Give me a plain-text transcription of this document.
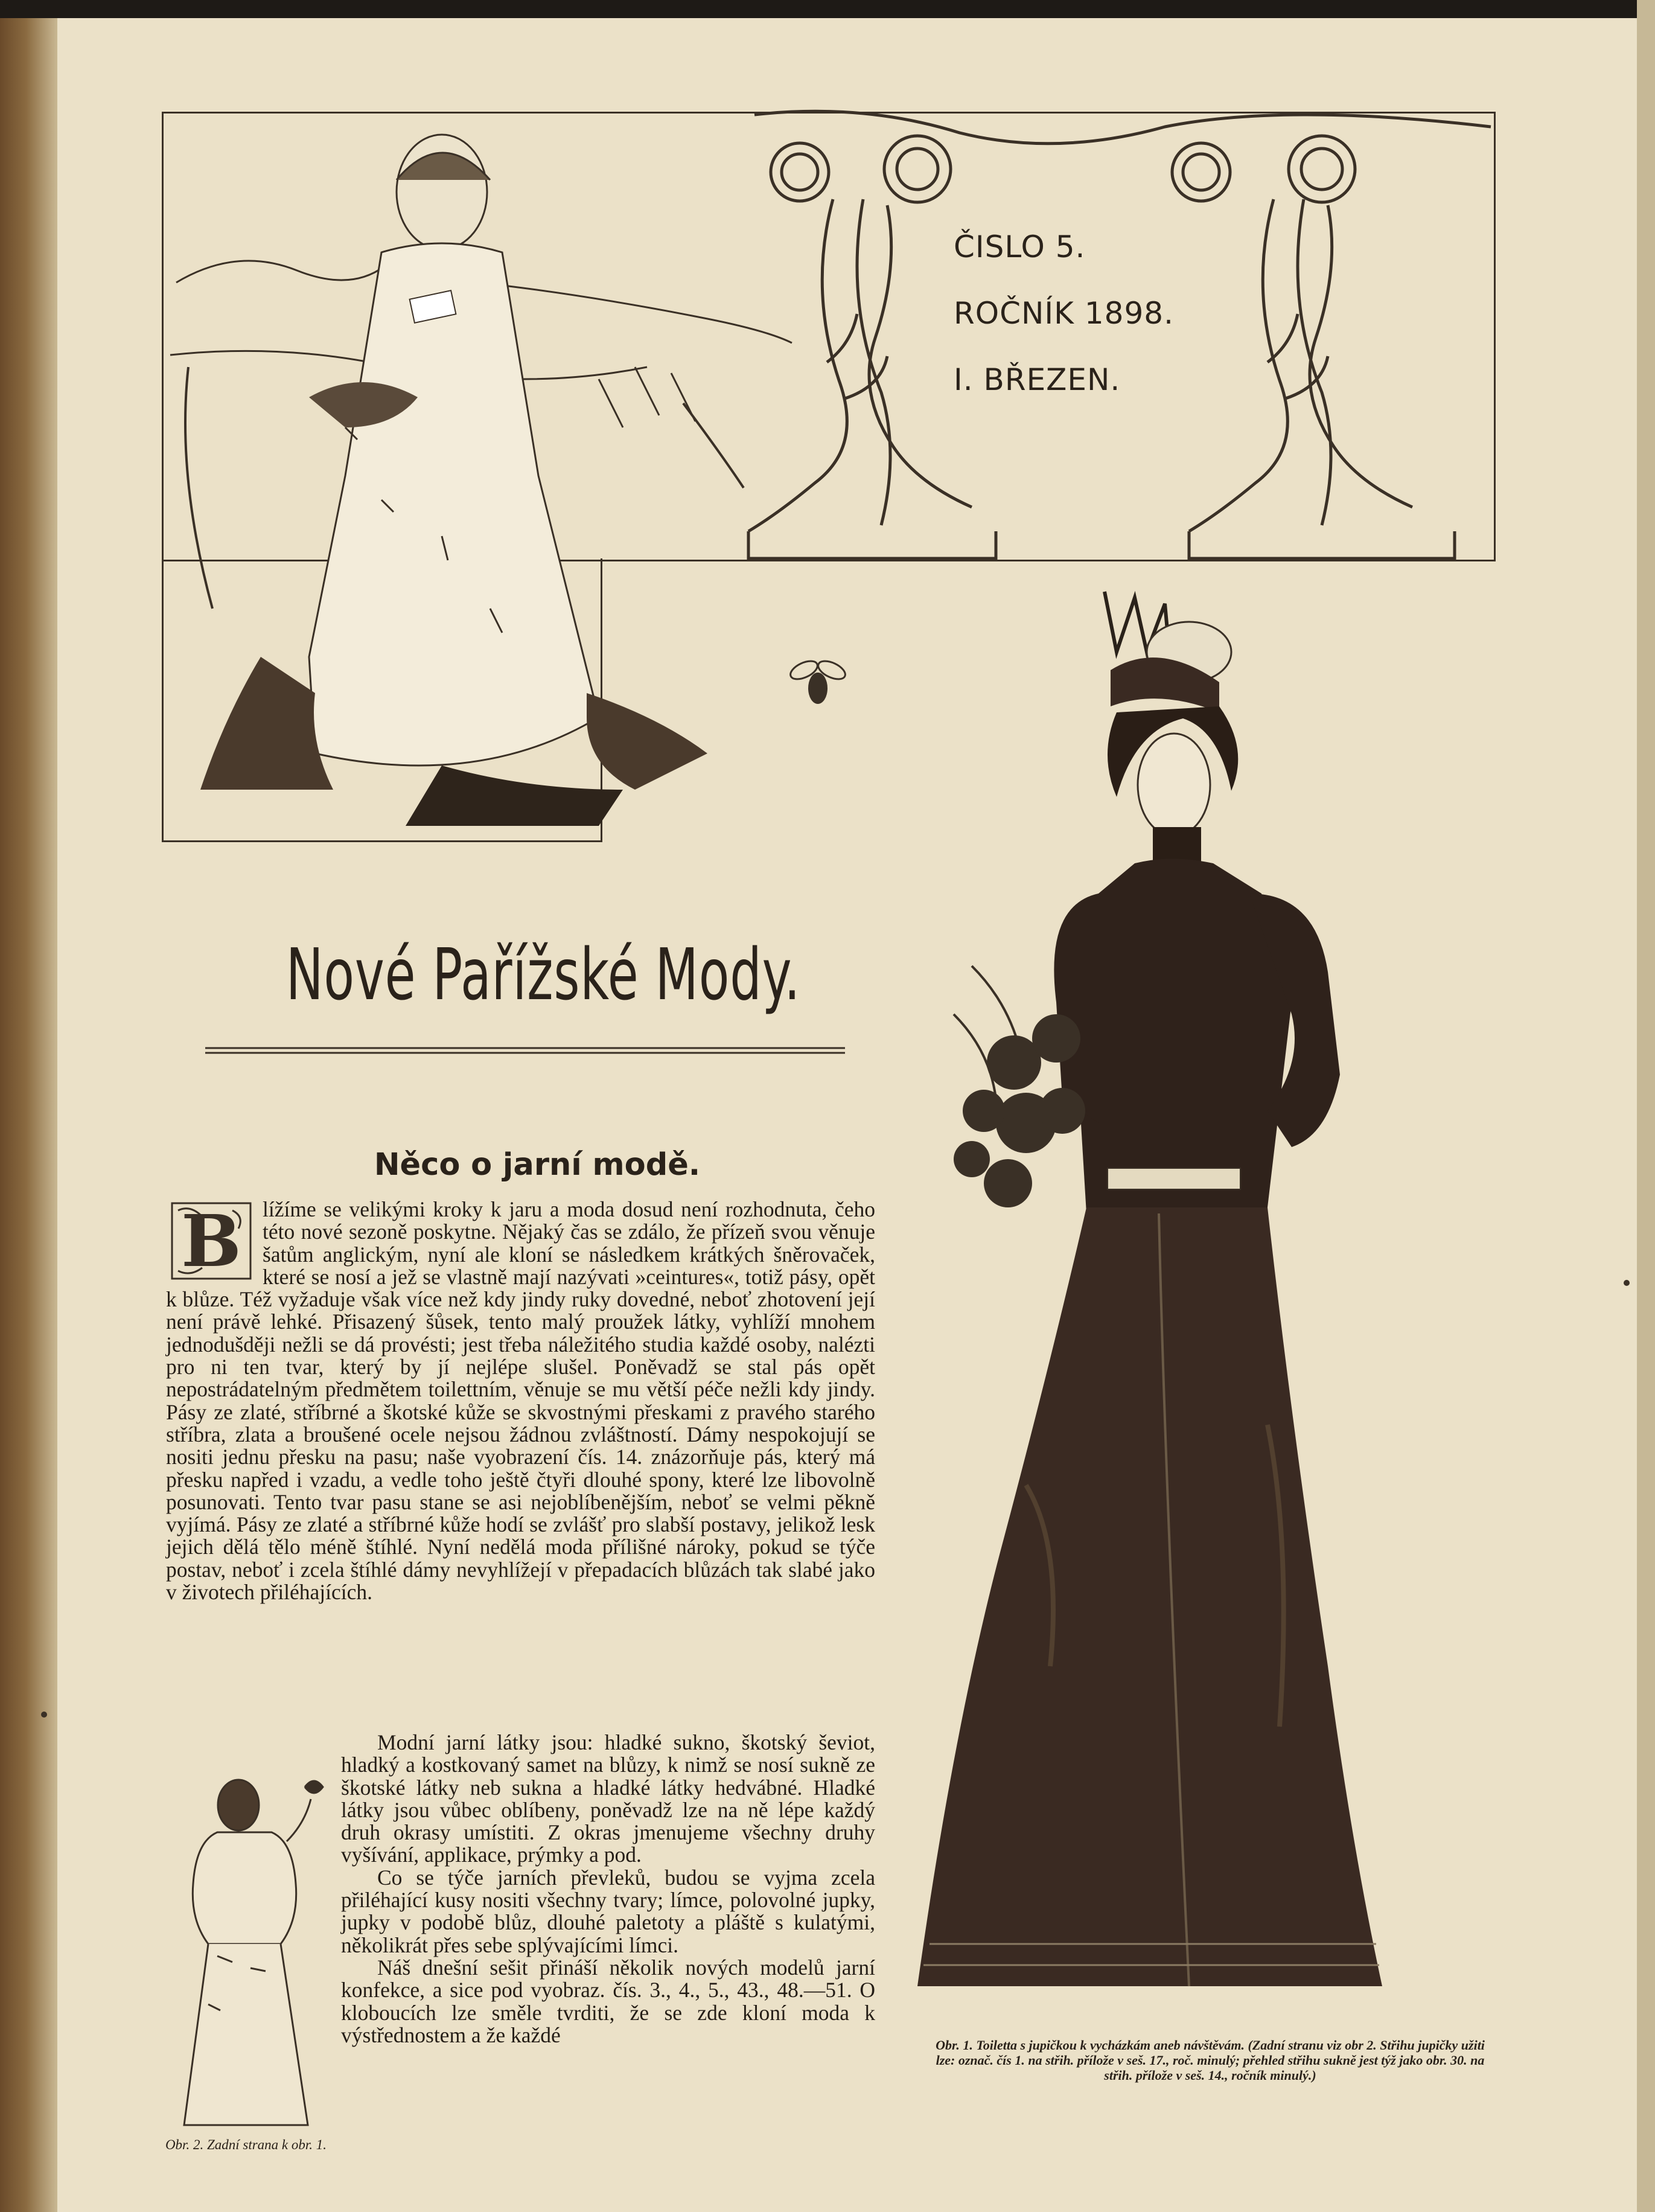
ČISLO 5.
ROČNÍK 1898.
I. BŘEZEN.
Nové Pařížské Mody.
Něco o jarní modě.
B lížíme se velikými kroky k jaru a moda dosud není rozhodnuta, čeho této nové sezoně poskytne. Nějaký čas se zdálo, že přízeň svou věnuje šatům anglickým, nyní ale kloní se následkem krátkých šněrovaček, které se nosí a jež se vlastně mají nazývati »ceintures«, totiž pásy, opět k blůze. Též vyžaduje však více než kdy jindy ruky dovedné, neboť zhotovení její není právě lehké. Přisazený šůsek, tento malý proužek látky, vyhlíží mnohem jednodušději nežli se dá provésti; jest třeba náležitého studia každé osoby, nalézti pro ni ten tvar, který by jí nejlépe slušel. Poněvadž se stal pás opět nepostrádatelným předmětem toilettním, věnuje se mu větší péče nežli kdy jindy. Pásy ze zlaté, stříbrné a škotské kůže se skvostnými přeskami z pravého starého stříbra, zlata a broušené ocele nejsou žádnou zvláštností. Dámy nespokojují se nositi jednu přesku na pasu; naše vyobrazení čís. 14. znázorňuje pás, který má přesku napřed i vzadu, a vedle toho ještě čtyři dlouhé spony, které lze libovolně posunovati. Tento tvar pasu stane se asi nejoblíbenějším, neboť se velmi pěkně vyjímá. Pásy ze zlaté a stříbrné kůže hodí se zvlášť pro slabší postavy, jelikož lesk jejich dělá tělo méně štíhlé. Nyní nedělá moda přílišné nároky, pokud se týče postav, neboť i zcela štíhlé dámy nevyhlížejí v přepadacích blůzách tak slabé jako v životech přiléhajících.

Modní jarní látky jsou: hladké sukno, škotský ševiot, hladký a kostkovaný samet na blůzy, k nimž se nosí sukně ze škotské látky neb sukna a hladké látky hedvábné. Hladké látky jsou vůbec oblíbeny, poněvadž lze na ně lépe každý druh okrasy umístiti. Z okras jmenujeme všechny druhy vyšívání, applikace, prýmky a pod.

Co se týče jarních převleků, budou se vyjma zcela přiléhající kusy nositi všechny tvary; límce, polovolné jupky, jupky v podobě blůz, dlouhé paletoty a pláště s kulatými, několikrát přes sebe splývajícími límci.

Náš dnešní sešit přináší několik nových modelů jarní konfekce, a sice pod vyobraz. čís. 3., 4., 5., 43., 48.—51. O kloboucích lze směle tvrditi, že se zde kloní moda k výstřednostem a že každé

Obr. 2. Zadní strana k obr. 1.
Obr. 1. Toiletta s jupičkou k vycházkám aneb návštěvám. (Zadní stranu viz obr 2. Střihu jupičky užiti lze: označ. čís 1. na střih. přílože v seš. 17., roč. minulý; přehled střihu sukně jest týž jako obr. 30. na střih. přílože v seš. 14., ročník minulý.)
